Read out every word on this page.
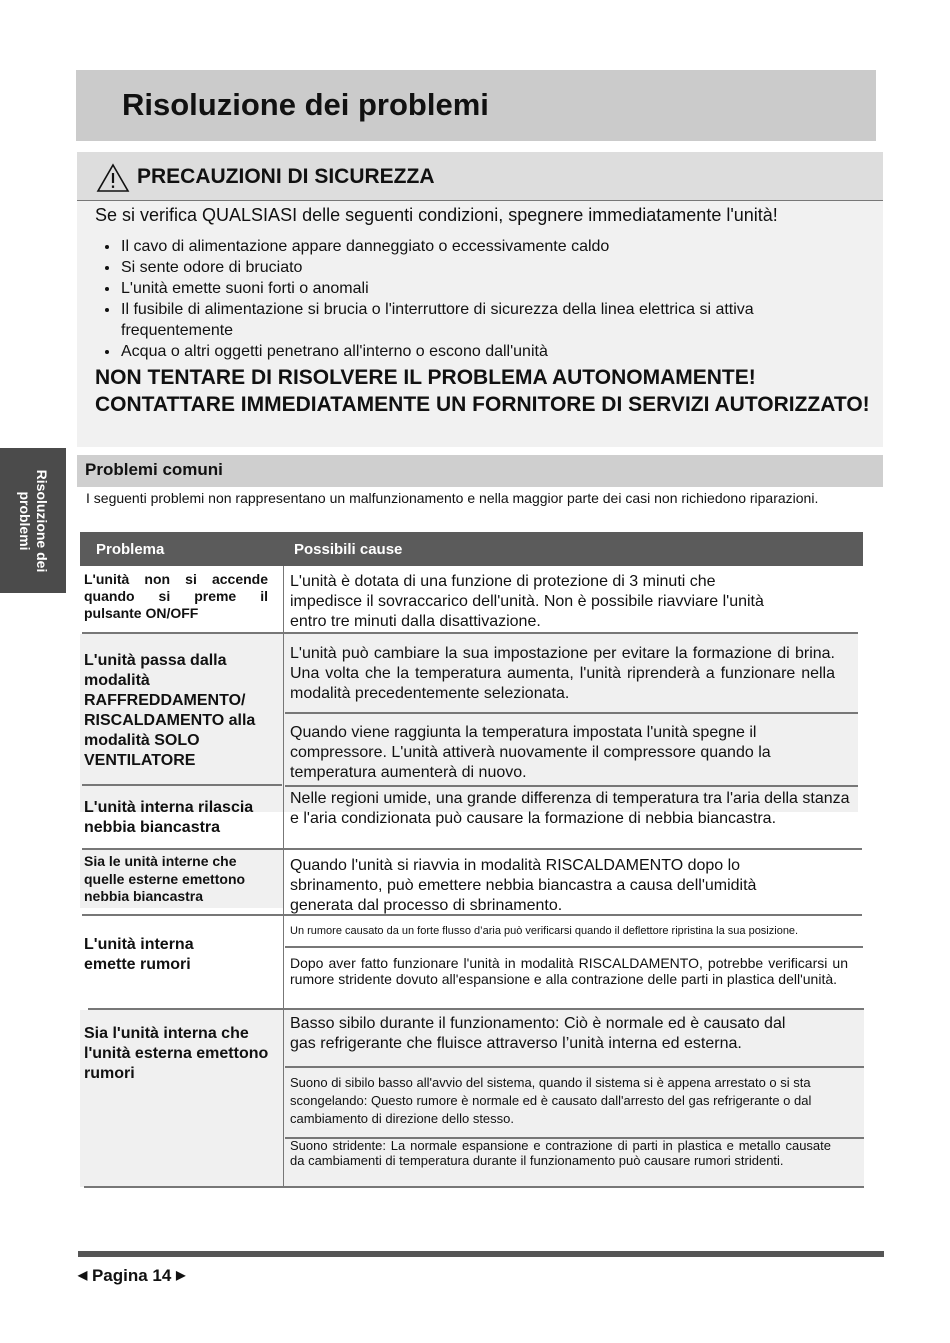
Risoluzione dei problemi
PRECAUZIONI DI SICUREZZA
Se si verifica QUALSIASI delle seguenti condizioni, spegnere immediatamente l'unità!
• Il cavo di alimentazione appare danneggiato o eccessivamente caldo
• Si sente odore di bruciato
• L'unità emette suoni forti o anomali
• Il fusibile di alimentazione si brucia o l'interruttore di sicurezza della linea elettrica si attiva frequentemente
• Acqua o altri oggetti penetrano all'interno o escono dall'unità
NON TENTARE DI RISOLVERE IL PROBLEMA AUTONOMAMENTE! CONTATTARE IMMEDIATAMENTE UN FORNITORE DI SERVIZI AUTORIZZATO!
Risoluzione dei problemi
Problemi comuni
I seguenti problemi non rappresentano un malfunzionamento e nella maggior parte dei casi non richiedono riparazioni.
Problema	Possibili cause
L'unità non si accende quando si preme il pulsante ON/OFF
L'unità passa dalla modalità RAFFREDDAMENTO/ RISCALDAMENTO alla modalità SOLO VENTILATORE
L'unità interna rilascia nebbia biancastra
Sia le unità interne che quelle esterne emettono nebbia biancastra
L'unità interna emette rumori
Sia l'unità interna che l'unità esterna emettono rumori
L'unità è dotata di una funzione di protezione di 3 minuti che impedisce il sovraccarico dell'unità. Non è possibile riavviare l'unità entro tre minuti dalla disattivazione.
L'unità può cambiare la sua impostazione per evitare la formazione di brina. Una volta che la temperatura aumenta, l'unità riprenderà a funzionare nella modalità precedentemente selezionata.
Quando viene raggiunta la temperatura impostata l'unità spegne il compressore. L'unità attiverà nuovamente il compressore quando la temperatura aumenterà di nuovo.
Nelle regioni umide, una grande differenza di temperatura tra l'aria della stanza e l'aria condizionata può causare la formazione di nebbia biancastra.
Quando l'unità si riavvia in modalità RISCALDAMENTO dopo lo sbrinamento, può emettere nebbia biancastra a causa dell'umidità generata dal processo di sbrinamento.
Un rumore causato da un forte flusso d’aria può verificarsi quando il deflettore ripristina la sua posizione.
Dopo aver fatto funzionare l'unità in modalità RISCALDAMENTO, potrebbe verificarsi un rumore stridente dovuto all'espansione e alla contrazione delle parti in plastica dell'unità.
Basso sibilo durante il funzionamento: Ciò è normale ed è causato dal gas refrigerante che fluisce attraverso l’unità interna ed esterna.
Suono di sibilo basso all'avvio del sistema, quando il sistema si è appena arrestato o si sta scongelando: Questo rumore è normale ed è causato dall'arresto del gas refrigerante o dal cambiamento di direzione dello stesso.
Suono stridente: La normale espansione e contrazione di parti in plastica e metallo causate da cambiamenti di temperatura durante il funzionamento può causare rumori stridenti.
◀ Pagina 14 ▶
